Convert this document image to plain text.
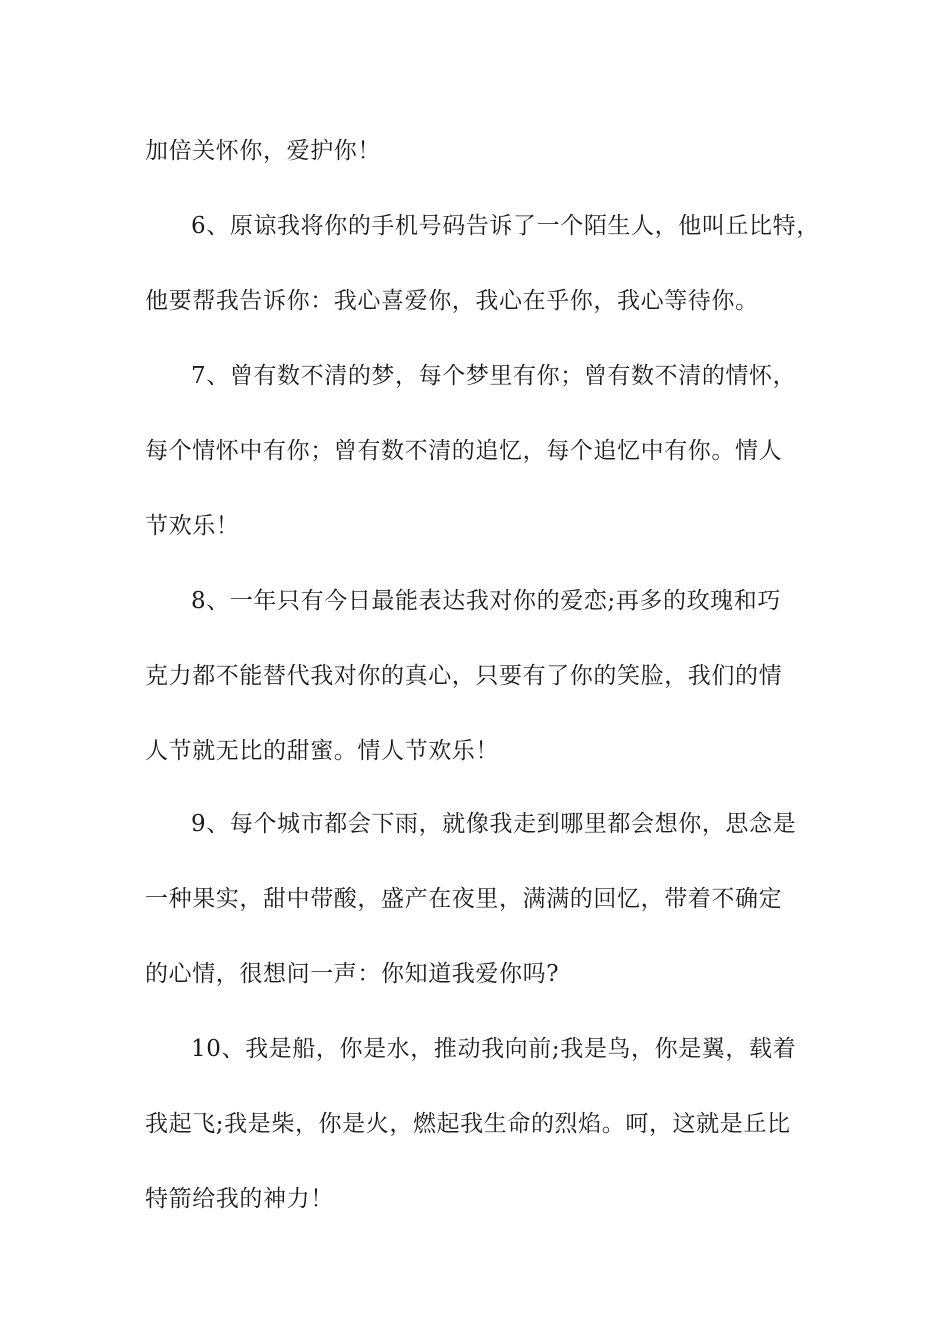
加倍关怀你，爱护你！
6、原谅我将你的手机号码告诉了一个陌生人，他叫丘比特，
他要帮我告诉你：我心喜爱你，我心在乎你，我心等待你。
7、曾有数不清的梦，每个梦里有你；曾有数不清的情怀，
每个情怀中有你；曾有数不清的追忆，每个追忆中有你。情人
节欢乐！
8、一年只有今日最能表达我对你的爱恋;再多的玫瑰和巧
克力都不能替代我对你的真心，只要有了你的笑脸，我们的情
人节就无比的甜蜜。情人节欢乐！
9、每个城市都会下雨，就像我走到哪里都会想你，思念是
一种果实，甜中带酸，盛产在夜里，满满的回忆，带着不确定
的心情，很想问一声：你知道我爱你吗?
10、我是船，你是水，推动我向前;我是鸟，你是翼，载着
我起飞;我是柴，你是火，燃起我生命的烈焰。呵，这就是丘比
特箭给我的神力！
